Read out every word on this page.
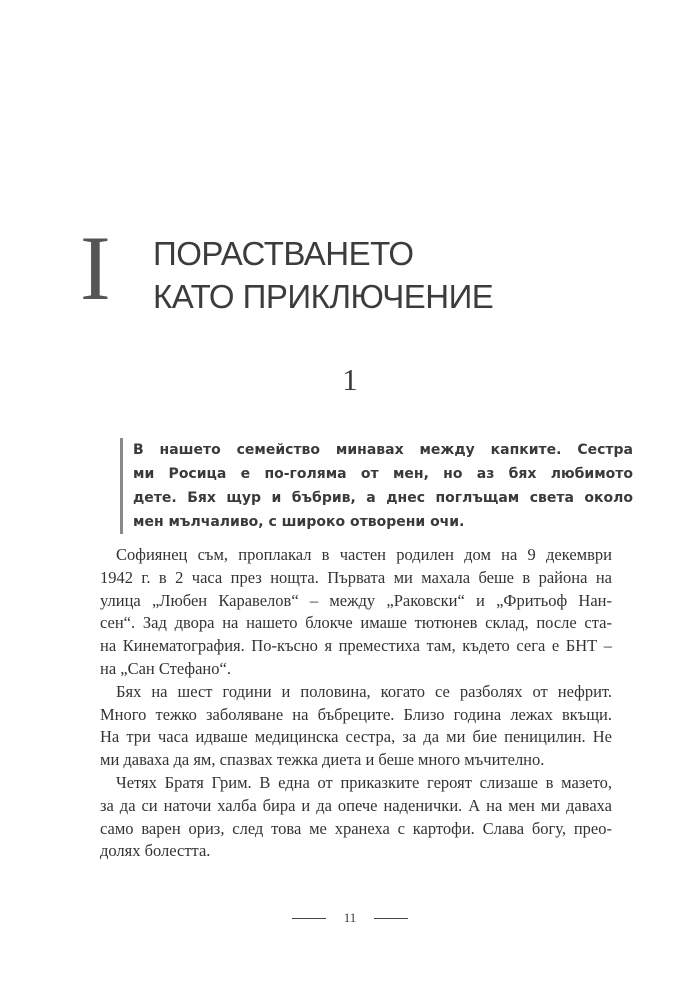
I ПОРАСТВАНЕТО
КАТО ПРИКЛЮЧЕНИЕ
1
В нашето семейство минавах между капките. Сестра
ми Росица е по-голяма от мен, но аз бях любимото
дете. Бях щур и бъбрив, а днес поглъщам света около
мен мълчаливо, с широко отворени очи.
Софиянец съм, проплакал в частен родилен дом на 9 декември
1942 г. в 2 часа през нощта. Първата ми махала беше в района на
улица „Любен Каравелов“ – между „Раковски“ и „Фритьоф Нан-
сен“. Зад двора на нашето блокче имаше тютюнев склад, после ста-
на Кинематография. По-късно я преместиха там, където сега е БНТ –
на „Сан Стефано“.
Бях на шест години и половина, когато се разболях от нефрит.
Много тежко заболяване на бъбреците. Близо година лежах вкъщи.
На три часа идваше медицинска сестра, за да ми бие пеницилин. Не
ми даваха да ям, спазвах тежка диета и беше много мъчително.
Четях Братя Грим. В една от приказките героят слизаше в мазето,
за да си наточи халба бира и да опече наденички. А на мен ми даваха
само варен ориз, след това ме хранеха с картофи. Слава богу, прео-
долях болестта.
11
